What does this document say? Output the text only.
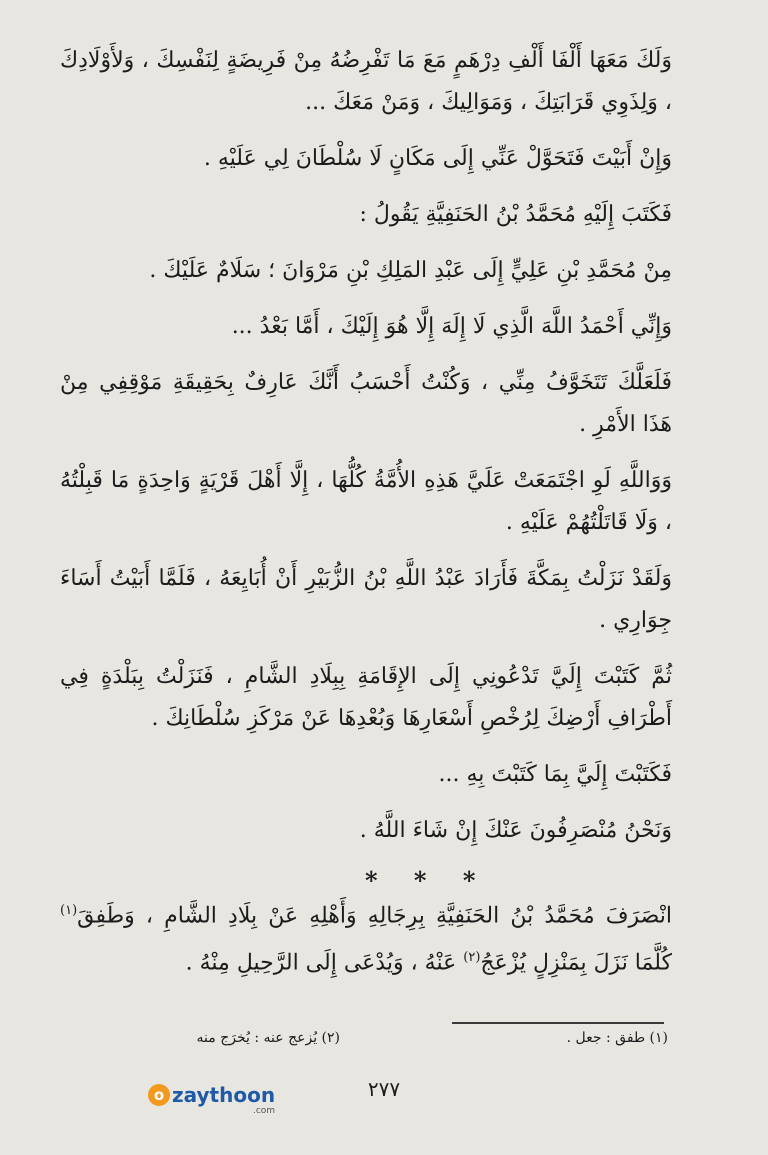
وَلَكَ مَعَهَا أَلْفَا أَلْفِ دِرْهَمٍ مَعَ مَا تَفْرِضُهُ مِنْ فَرِيضَةٍ لِنَفْسِكَ ، وَلأَوْلَادِكَ ، وَلِذَوِي قَرَابَتِكَ ، وَمَوَالِيكَ ، وَمَنْ مَعَكَ ...

وَإِنْ أَبَيْتَ فَتَحَوَّلْ عَنِّي إِلَى مَكَانٍ لَا سُلْطَانَ لِي عَلَيْهِ .

فَكَتَبَ إِلَيْهِ مُحَمَّدُ بْنُ الحَنَفِيَّةِ يَقُولُ :

مِنْ مُحَمَّدِ بْنِ عَلِيٍّ إِلَى عَبْدِ المَلِكِ بْنِ مَرْوَانَ ؛ سَلَامٌ عَلَيْكَ .

وَإِنِّي أَحْمَدُ اللَّهَ الَّذِي لَا إِلَهَ إِلَّا هُوَ إِلَيْكَ ، أَمَّا بَعْدُ ...

فَلَعَلَّكَ تَتَخَوَّفُ مِنِّي ، وَكُنْتُ أَحْسَبُ أَنَّكَ عَارِفٌ بِحَقِيقَةِ مَوْقِفِي مِنْ هَذَا الأَمْرِ .

وَوَاللَّهِ لَوِ اجْتَمَعَتْ عَلَيَّ هَذِهِ الأُمَّةُ كُلُّهَا ، إِلَّا أَهْلَ قَرْيَةٍ وَاحِدَةٍ مَا قَبِلْتُهُ ، وَلَا قَاتَلْتُهُمْ عَلَيْهِ .

وَلَقَدْ نَزَلْتُ بِمَكَّةَ فَأَرَادَ عَبْدُ اللَّهِ بْنُ الزُّبَيْرِ أَنْ أُبَايِعَهُ ، فَلَمَّا أَبَيْتُ أَسَاءَ جِوَارِي .

ثُمَّ كَتَبْتَ إِلَيَّ تَدْعُونِي إِلَى الإِقَامَةِ بِبِلَادِ الشَّامِ ، فَنَزَلْتُ بِبَلْدَةٍ فِي أَطْرَافِ أَرْضِكَ لِرُخْصِ أَسْعَارِهَا وَبُعْدِهَا عَنْ مَرْكَزِ سُلْطَانِكَ .

فَكَتَبْتَ إِلَيَّ بِمَا كَتَبْتَ بِهِ ...

وَنَحْنُ مُنْصَرِفُونَ عَنْكَ إِنْ شَاءَ اللَّهُ .

* * *

انْصَرَفَ مُحَمَّدُ بْنُ الحَنَفِيَّةِ بِرِجَالِهِ وَأَهْلِهِ عَنْ بِلَادِ الشَّامِ ، وَطَفِقَ$^{(١)}$ كُلَّمَا نَزَلَ بِمَنْزِلٍ يُزْعَجُ$^{(٢)}$ عَنْهُ ، وَيُدْعَى إِلَى الرَّحِيلِ مِنْهُ .

(١) طفق : جعل .
(٢) يُزعج عنه : يُخرَج منه
٢٧٧
o zaythoon
.com
